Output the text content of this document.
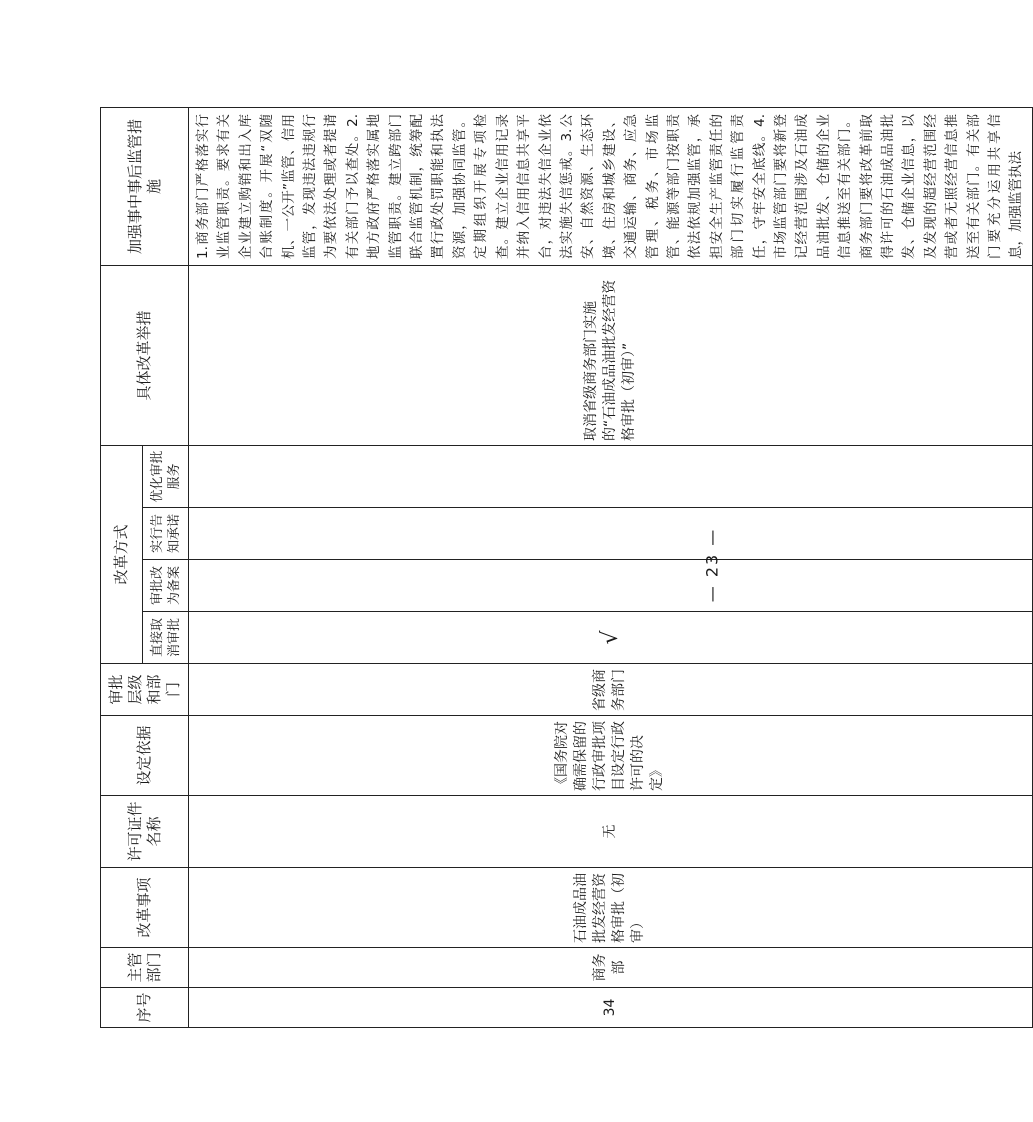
序号	主管部门	改革事项	许可证件名称	设定依据	审批层级和部门	改革方式				具体改革举措	加强事中事后监管措施
						直接取消审批	审批改为备案	实行告知承诺	优化审批服务		
34	商务部	石油成品油批发经营资格审批（初审）	无	《国务院对确需保留的行政审批项目设定行政许可的决定》	省级商务部门	√				取消省级商务部门实施的“石油成品油批发经营资格审批（初审）”	1.商务部门严格落实行业监管职责。要求有关企业建立购销和出入库台账制度。开展“双随机、一公开”监管、信用监管，发现违法违规行为要依法处理或者提请有关部门予以查处。2.地方政府严格落实属地监管职责。建立跨部门联合监管机制，统筹配置行政处罚职能和执法资源，加强协同监管。定期组织开展专项检查。建立企业信用记录并纳入信用信息共享平台，对违法失信企业依法实施失信惩戒。3.公安、自然资源、生态环境、住房和城乡建设、交通运输、商务、应急管理、税务、市场监管、能源等部门按职责依法依规加强监管，承担安全生产监管责任的部门切实履行监管责任，守牢安全底线。4.市场监管部门要将新登记经营范围涉及石油成品油批发、仓储的企业信息推送至有关部门。商务部门要将改革前取得许可的石油成品油批发、仓储企业信息，以及发现的超经营范围经营或者无照经营信息推送至有关部门。有关部门要充分运用共享信息，加强监管执法

— 23 —
